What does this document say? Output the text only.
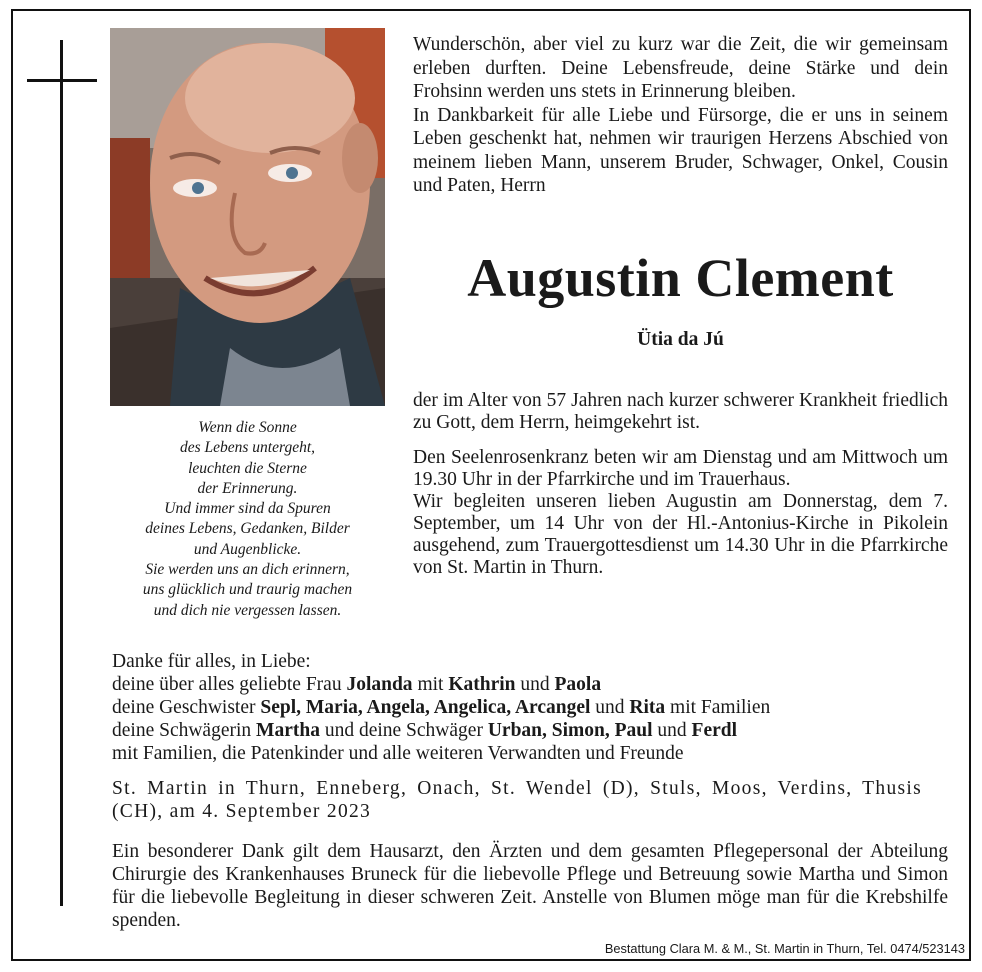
Wenn die Sonne
des Lebens untergeht,
leuchten die Sterne
der Erinnerung.
Und immer sind da Spuren
deines Lebens, Gedanken, Bilder
und Augenblicke.
Sie werden uns an dich erinnern,
uns glücklich und traurig machen
und dich nie vergessen lassen.

Wunderschön, aber viel zu kurz war die Zeit, die wir gemeinsam erleben durften. Deine Lebensfreude, deine Stärke und dein Frohsinn werden uns stets in Erinnerung bleiben.

In Dankbarkeit für alle Liebe und Fürsorge, die er uns in seinem Leben geschenkt hat, nehmen wir traurigen Herzens Abschied von meinem lieben Mann, unserem Bruder, Schwager, Onkel, Cousin und Paten, Herrn

Augustin Clement
Ütia da Jú

der im Alter von 57 Jahren nach kurzer schwerer Krankheit friedlich zu Gott, dem Herrn, heimgekehrt ist.

Den Seelenrosenkranz beten wir am Dienstag und am Mittwoch um 19.30 Uhr in der Pfarrkirche und im Trauerhaus.

Wir begleiten unseren lieben Augustin am Donnerstag, dem 7. September, um 14 Uhr von der Hl.-Antonius-Kirche in Pikolein ausgehend, zum Trauergottesdienst um 14.30 Uhr in die Pfarrkirche von St. Martin in Thurn.

Danke für alles, in Liebe:
deine über alles geliebte Frau Jolanda mit Kathrin und Paola
deine Geschwister Sepl, Maria, Angela, Angelica, Arcangel und Rita mit Familien
deine Schwägerin Martha und deine Schwäger Urban, Simon, Paul und Ferdl
mit Familien, die Patenkinder und alle weiteren Verwandten und Freunde
St. Martin in Thurn, Enneberg, Onach, St. Wendel (D), Stuls, Moos, Verdins, Thusis (CH), am 4. September 2023
Ein besonderer Dank gilt dem Hausarzt, den Ärzten und dem gesamten Pflegepersonal der Abteilung Chirurgie des Krankenhauses Bruneck für die liebevolle Pflege und Betreuung sowie Martha und Simon für die liebevolle Begleitung in dieser schweren Zeit. Anstelle von Blumen möge man für die Krebshilfe spenden.
Bestattung Clara M. & M., St. Martin in Thurn, Tel. 0474/523143
